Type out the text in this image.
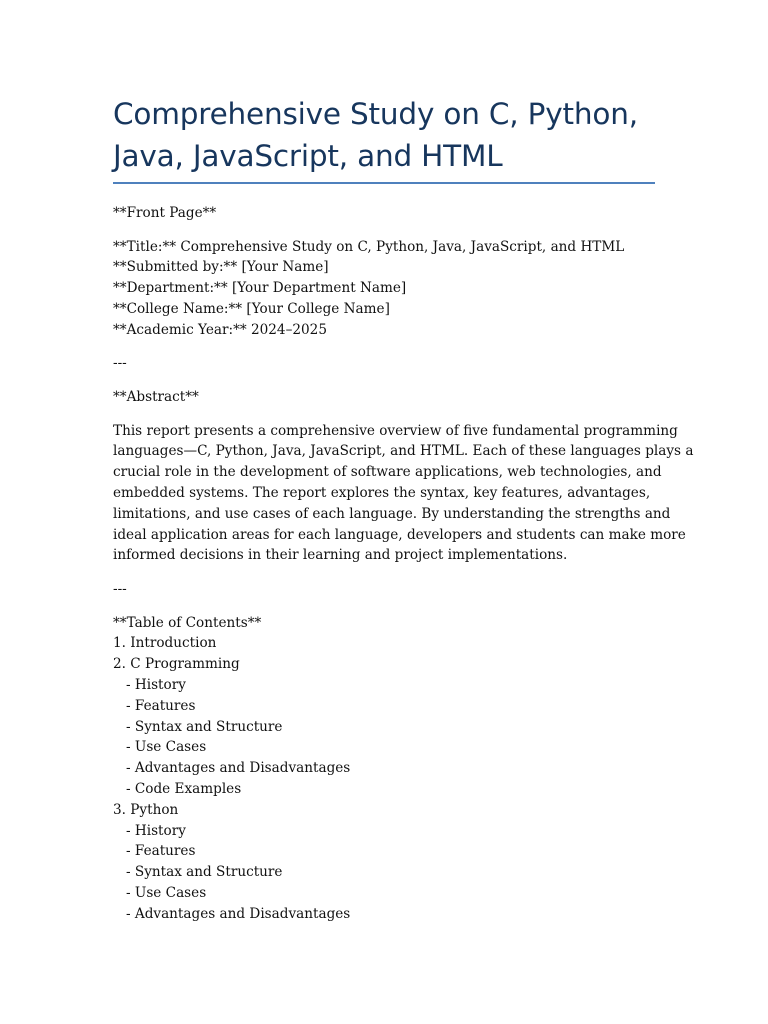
Comprehensive Study on C, Python,
Java, JavaScript, and HTML

**Front Page**

**Title:** Comprehensive Study on C, Python, Java, JavaScript, and HTML
**Submitted by:** [Your Name]
**Department:** [Your Department Name]
**College Name:** [Your College Name]
**Academic Year:** 2024–2025

---

**Abstract**

This report presents a comprehensive overview of five fundamental programming
languages—C, Python, Java, JavaScript, and HTML. Each of these languages plays a
crucial role in the development of software applications, web technologies, and
embedded systems. The report explores the syntax, key features, advantages,
limitations, and use cases of each language. By understanding the strengths and
ideal application areas for each language, developers and students can make more
informed decisions in their learning and project implementations.

---

**Table of Contents**
1. Introduction
2. C Programming
- History
- Features
- Syntax and Structure
- Use Cases
- Advantages and Disadvantages
- Code Examples
3. Python
- History
- Features
- Syntax and Structure
- Use Cases
- Advantages and Disadvantages
